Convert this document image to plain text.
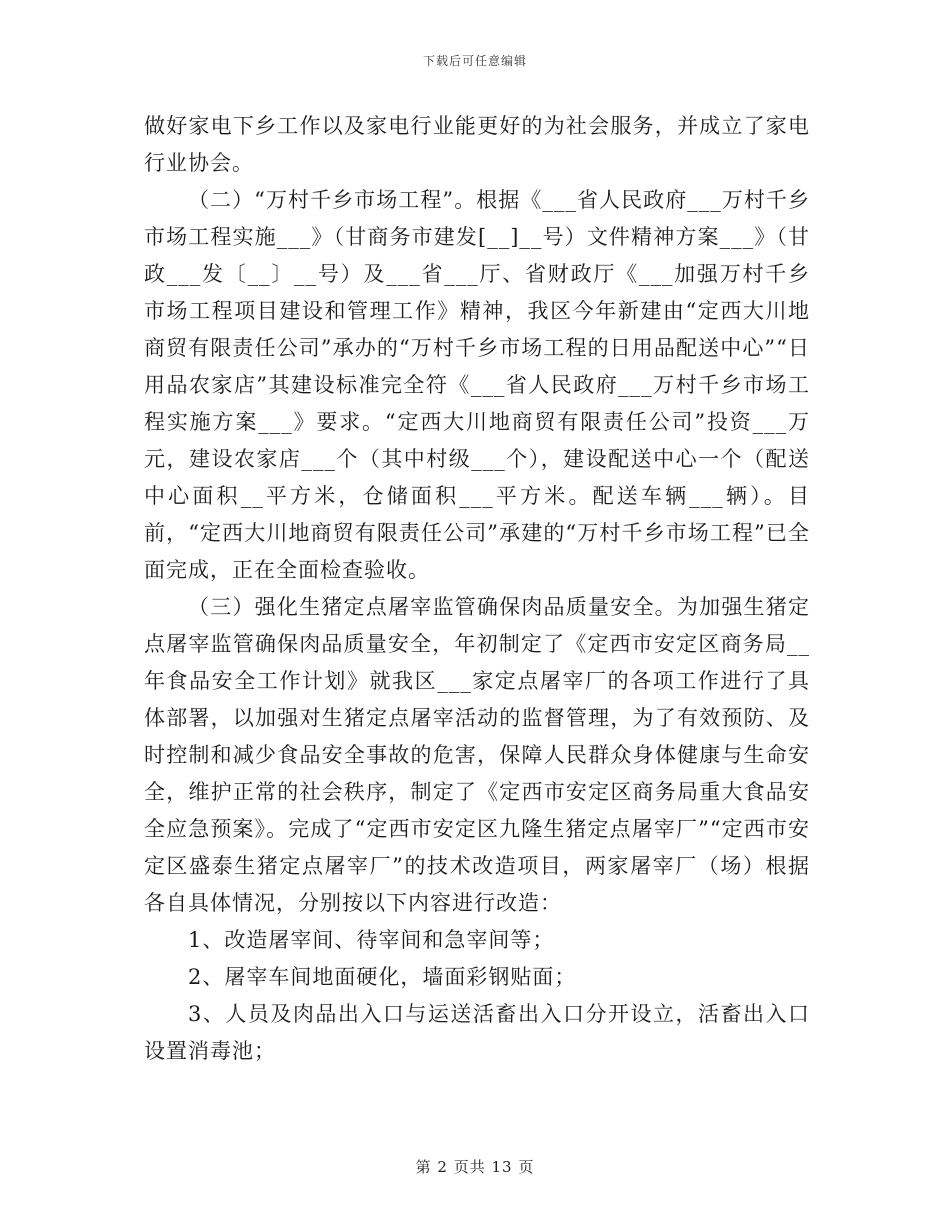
下载后可任意编辑

做好家电下乡工作以及家电行业能更好的为社会服务，并成立了家电行业协会。

（二）“万村千乡市场工程”。根据《___省人民政府___万村千乡市场工程实施___》（甘商务市建发[__]__号）文件精神方案___》（甘政___发〔__〕__号）及___省___厅、省财政厅《___加强万村千乡市场工程项目建设和管理工作》精神，我区今年新建由“定西大川地商贸有限责任公司”承办的“万村千乡市场工程的日用品配送中心”“日用品农家店”其建设标准完全符《___省人民政府___万村千乡市场工程实施方案___》要求。“定西大川地商贸有限责任公司”投资___万元，建设农家店___个（其中村级___个），建设配送中心一个（配送中心面积__平方米，仓储面积___平方米。配送车辆___辆）。目前，“定西大川地商贸有限责任公司”承建的“万村千乡市场工程”已全面完成，正在全面检查验收。

（三）强化生猪定点屠宰监管确保肉品质量安全。为加强生猪定点屠宰监管确保肉品质量安全，年初制定了《定西市安定区商务局__年食品安全工作计划》就我区___家定点屠宰厂的各项工作进行了具体部署，以加强对生猪定点屠宰活动的监督管理，为了有效预防、及时控制和减少食品安全事故的危害，保障人民群众身体健康与生命安全，维护正常的社会秩序，制定了《定西市安定区商务局重大食品安全应急预案》。完成了“定西市安定区九隆生猪定点屠宰厂”“定西市安定区盛泰生猪定点屠宰厂”的技术改造项目，两家屠宰厂（场）根据各自具体情况，分别按以下内容进行改造：

1、改造屠宰间、待宰间和急宰间等；

2、屠宰车间地面硬化，墙面彩钢贴面；

3、人员及肉品出入口与运送活畜出入口分开设立，活畜出入口设置消毒池；

第 2 页共 13 页
